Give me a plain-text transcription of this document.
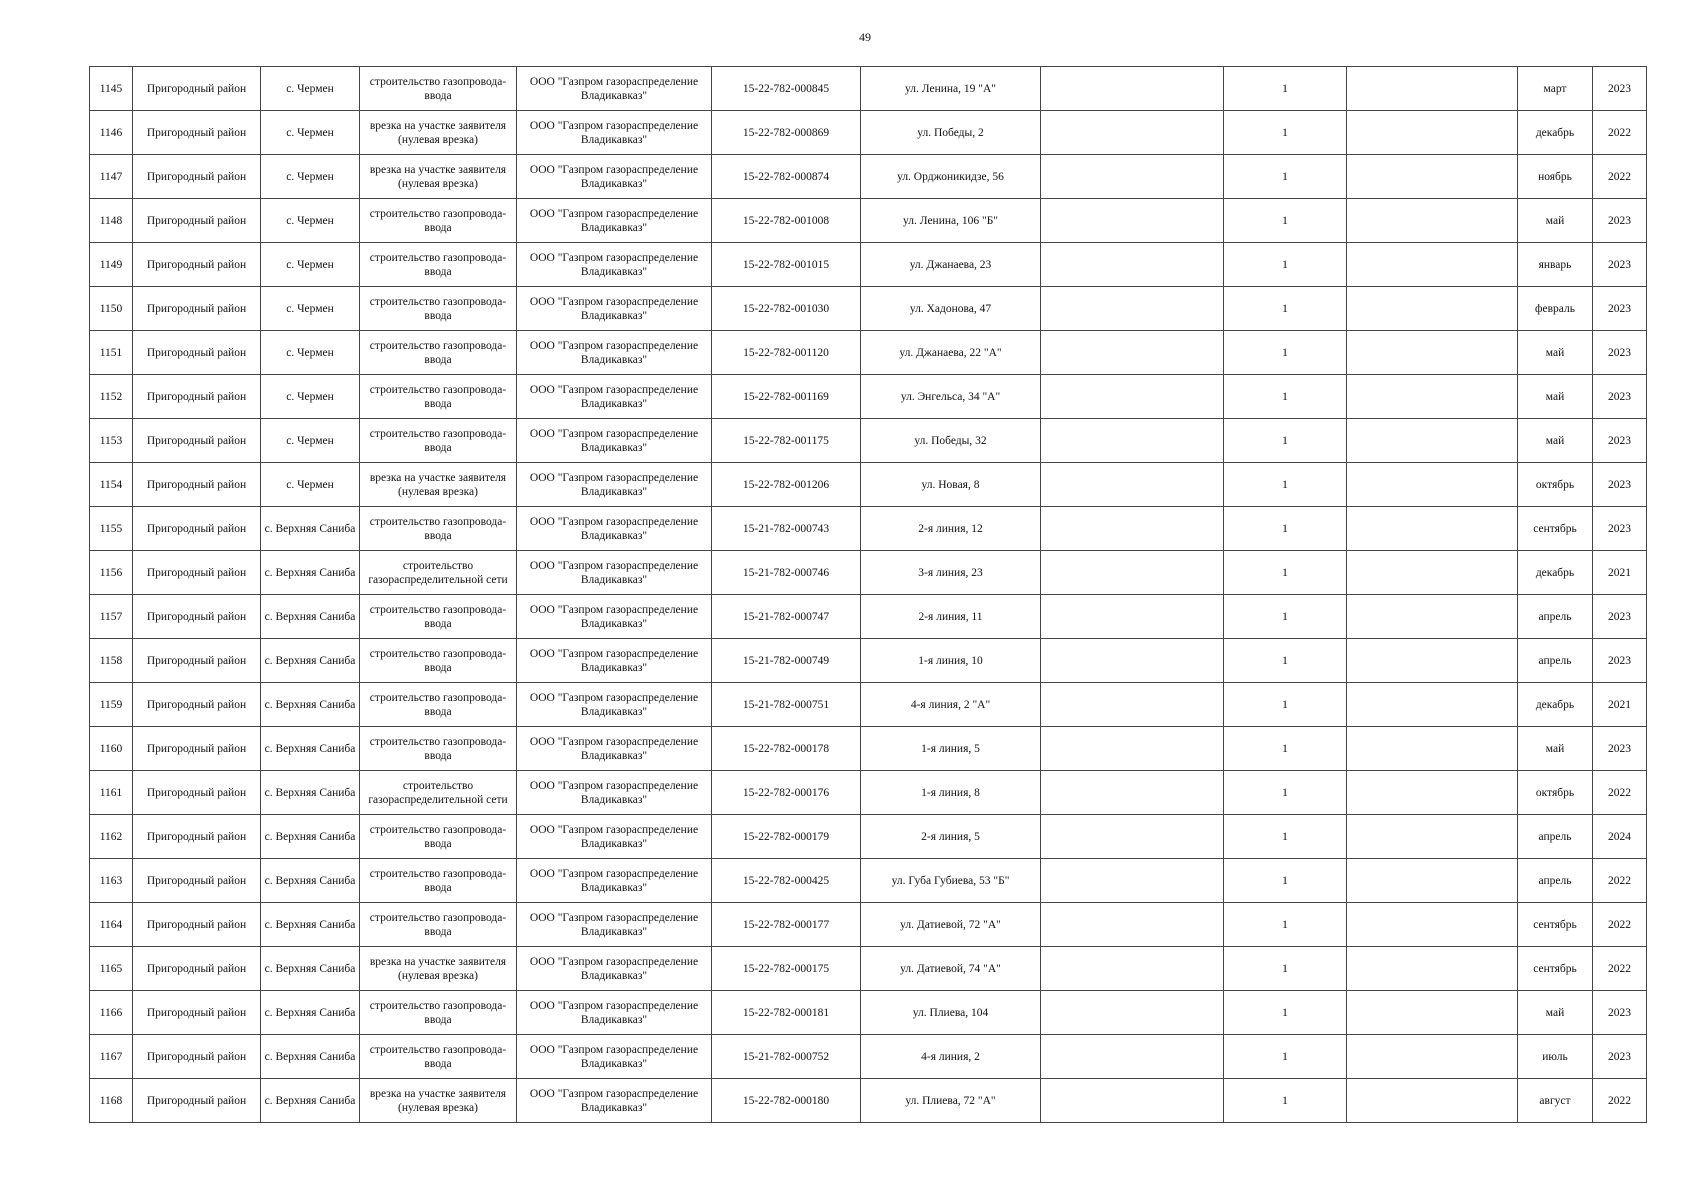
49
1145	Пригородный район	с. Чермен	строительство газопровода-ввода	ООО "Газпром газораспределение Владикавказ"	15-22-782-000845	ул. Ленина, 19 "А"		1		март	2023
1146	Пригородный район	с. Чермен	врезка на участке заявителя (нулевая врезка)	ООО "Газпром газораспределение Владикавказ"	15-22-782-000869	ул. Победы, 2		1		декабрь	2022
1147	Пригородный район	с. Чермен	врезка на участке заявителя (нулевая врезка)	ООО "Газпром газораспределение Владикавказ"	15-22-782-000874	ул. Орджоникидзе, 56		1		ноябрь	2022
1148	Пригородный район	с. Чермен	строительство газопровода-ввода	ООО "Газпром газораспределение Владикавказ"	15-22-782-001008	ул. Ленина, 106 "Б"		1		май	2023
1149	Пригородный район	с. Чермен	строительство газопровода-ввода	ООО "Газпром газораспределение Владикавказ"	15-22-782-001015	ул. Джанаева, 23		1		январь	2023
1150	Пригородный район	с. Чермен	строительство газопровода-ввода	ООО "Газпром газораспределение Владикавказ"	15-22-782-001030	ул. Хадонова, 47		1		февраль	2023
1151	Пригородный район	с. Чермен	строительство газопровода-ввода	ООО "Газпром газораспределение Владикавказ"	15-22-782-001120	ул. Джанаева, 22 "А"		1		май	2023
1152	Пригородный район	с. Чермен	строительство газопровода-ввода	ООО "Газпром газораспределение Владикавказ"	15-22-782-001169	ул. Энгельса, 34 "А"		1		май	2023
1153	Пригородный район	с. Чермен	строительство газопровода-ввода	ООО "Газпром газораспределение Владикавказ"	15-22-782-001175	ул. Победы, 32		1		май	2023
1154	Пригородный район	с. Чермен	врезка на участке заявителя (нулевая врезка)	ООО "Газпром газораспределение Владикавказ"	15-22-782-001206	ул. Новая, 8		1		октябрь	2023
1155	Пригородный район	с. Верхняя Саниба	строительство газопровода-ввода	ООО "Газпром газораспределение Владикавказ"	15-21-782-000743	2-я линия, 12		1		сентябрь	2023
1156	Пригородный район	с. Верхняя Саниба	строительство газораспределительной сети	ООО "Газпром газораспределение Владикавказ"	15-21-782-000746	3-я линия, 23		1		декабрь	2021
1157	Пригородный район	с. Верхняя Саниба	строительство газопровода-ввода	ООО "Газпром газораспределение Владикавказ"	15-21-782-000747	2-я линия, 11		1		апрель	2023
1158	Пригородный район	с. Верхняя Саниба	строительство газопровода-ввода	ООО "Газпром газораспределение Владикавказ"	15-21-782-000749	1-я линия, 10		1		апрель	2023
1159	Пригородный район	с. Верхняя Саниба	строительство газопровода-ввода	ООО "Газпром газораспределение Владикавказ"	15-21-782-000751	4-я линия, 2 "А"		1		декабрь	2021
1160	Пригородный район	с. Верхняя Саниба	строительство газопровода-ввода	ООО "Газпром газораспределение Владикавказ"	15-22-782-000178	1-я линия, 5		1		май	2023
1161	Пригородный район	с. Верхняя Саниба	строительство газораспределительной сети	ООО "Газпром газораспределение Владикавказ"	15-22-782-000176	1-я линия, 8		1		октябрь	2022
1162	Пригородный район	с. Верхняя Саниба	строительство газопровода-ввода	ООО "Газпром газораспределение Владикавказ"	15-22-782-000179	2-я линия, 5		1		апрель	2024
1163	Пригородный район	с. Верхняя Саниба	строительство газопровода-ввода	ООО "Газпром газораспределение Владикавказ"	15-22-782-000425	ул. Губа Губиева, 53 "Б"		1		апрель	2022
1164	Пригородный район	с. Верхняя Саниба	строительство газопровода-ввода	ООО "Газпром газораспределение Владикавказ"	15-22-782-000177	ул. Датиевой, 72 "А"		1		сентябрь	2022
1165	Пригородный район	с. Верхняя Саниба	врезка на участке заявителя (нулевая врезка)	ООО "Газпром газораспределение Владикавказ"	15-22-782-000175	ул. Датиевой, 74 "А"		1		сентябрь	2022
1166	Пригородный район	с. Верхняя Саниба	строительство газопровода-ввода	ООО "Газпром газораспределение Владикавказ"	15-22-782-000181	ул. Плиева, 104		1		май	2023
1167	Пригородный район	с. Верхняя Саниба	строительство газопровода-ввода	ООО "Газпром газораспределение Владикавказ"	15-21-782-000752	4-я линия, 2		1		июль	2023
1168	Пригородный район	с. Верхняя Саниба	врезка на участке заявителя (нулевая врезка)	ООО "Газпром газораспределение Владикавказ"	15-22-782-000180	ул. Плиева, 72 "А"		1		август	2022
